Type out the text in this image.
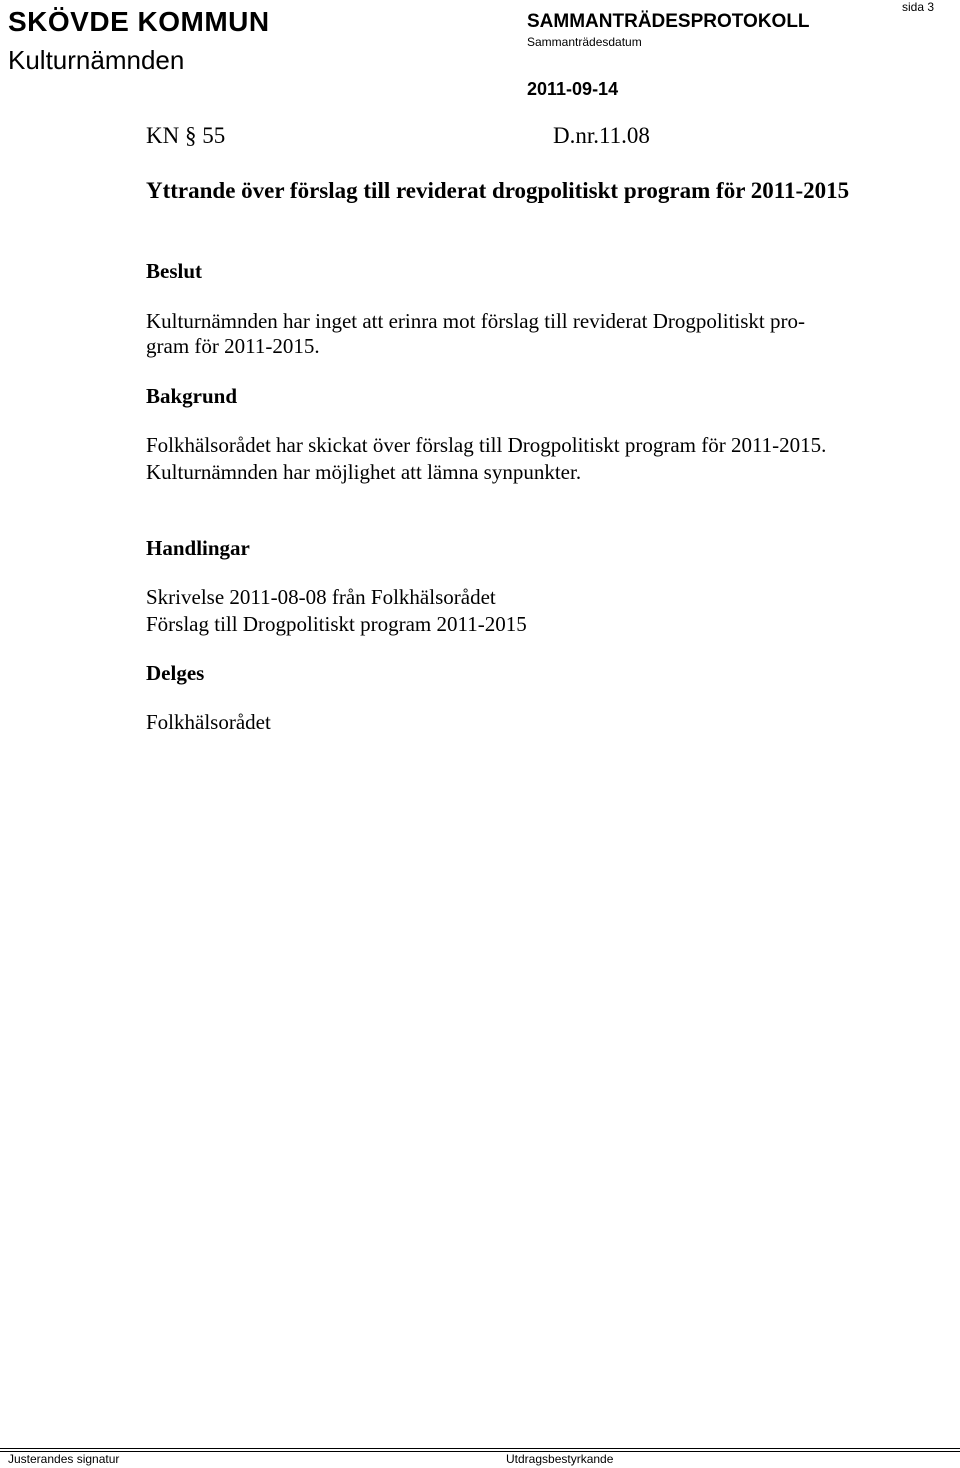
SKÖVDE KOMMUN
Kulturnämnden
SAMMANTRÄDESPROTOKOLL
Sammanträdesdatum
2011-09-14
sida 3
KN § 55	D.nr.11.08
Yttrande över förslag till reviderat drogpolitiskt program för 2011-2015
Beslut
Kulturnämnden har inget att erinra mot förslag till reviderat Drogpolitiskt pro-
gram för 2011-2015.
Bakgrund
Folkhälsorådet har skickat över förslag till Drogpolitiskt program för 2011-2015.
Kulturnämnden har möjlighet att lämna synpunkter.
Handlingar
Skrivelse 2011-08-08 från Folkhälsorådet
Förslag till Drogpolitiskt program 2011-2015
Delges
Folkhälsorådet
Justerandes signatur	Utdragsbestyrkande
